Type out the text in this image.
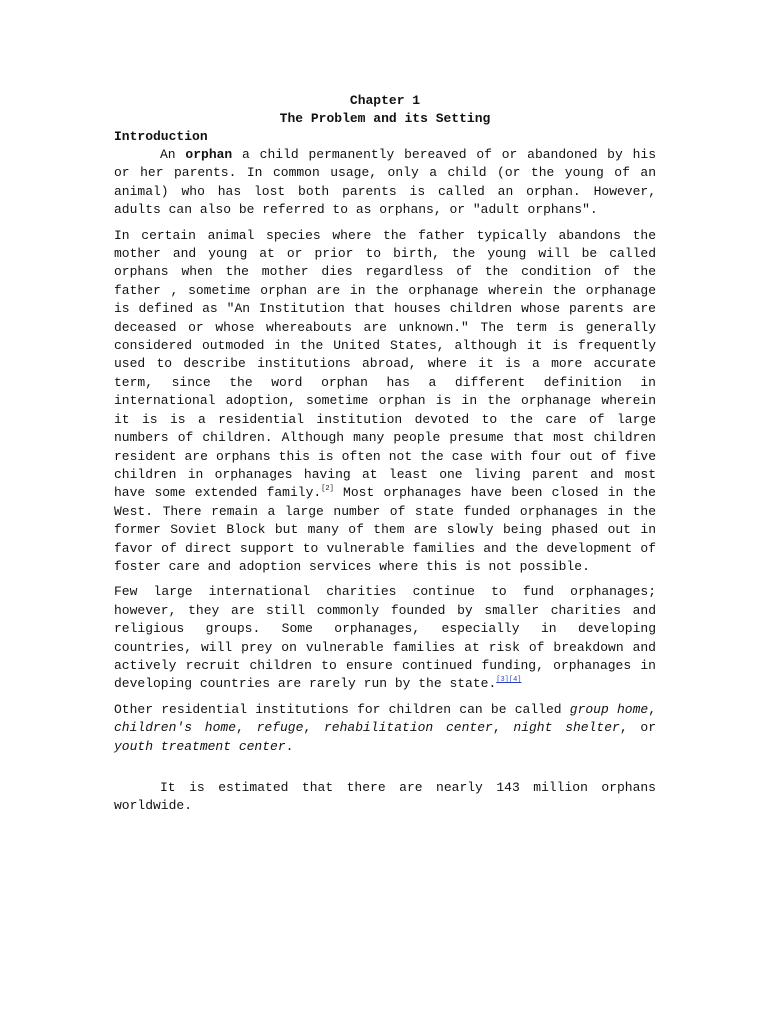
Chapter 1
The Problem and its Setting
Introduction

An orphan a child permanently bereaved of or abandoned by his or her parents. In common usage, only a child (or the young of an animal) who has lost both parents is called an orphan. However, adults can also be referred to as orphans, or "adult orphans".

In certain animal species where the father typically abandons the mother and young at or prior to birth, the young will be called orphans when the mother dies regardless of the condition of the father , sometime orphan are in the orphanage wherein the orphanage is defined as "An Institution that houses children whose parents are deceased or whose whereabouts are unknown." The term is generally considered outmoded in the United States, although it is frequently used to describe institutions abroad, where it is a more accurate term, since the word orphan has a different definition in international adoption, sometime orphan is in the orphanage wherein it is is a residential institution devoted to the care of large numbers of children. Although many people presume that most children resident are orphans this is often not the case with four out of five children in orphanages having at least one living parent and most have some extended family.[2] Most orphanages have been closed in the West. There remain a large number of state funded orphanages in the former Soviet Block but many of them are slowly being phased out in favor of direct support to vulnerable families and the development of foster care and adoption services where this is not possible.

Few large international charities continue to fund orphanages; however, they are still commonly founded by smaller charities and religious groups. Some orphanages, especially in developing countries, will prey on vulnerable families at risk of breakdown and actively recruit children to ensure continued funding, orphanages in developing countries are rarely run by the state.[3][4]

Other residential institutions for children can be called group home, children's home, refuge, rehabilitation center, night shelter, or youth treatment center.

It is estimated that there are nearly 143 million orphans worldwide.
